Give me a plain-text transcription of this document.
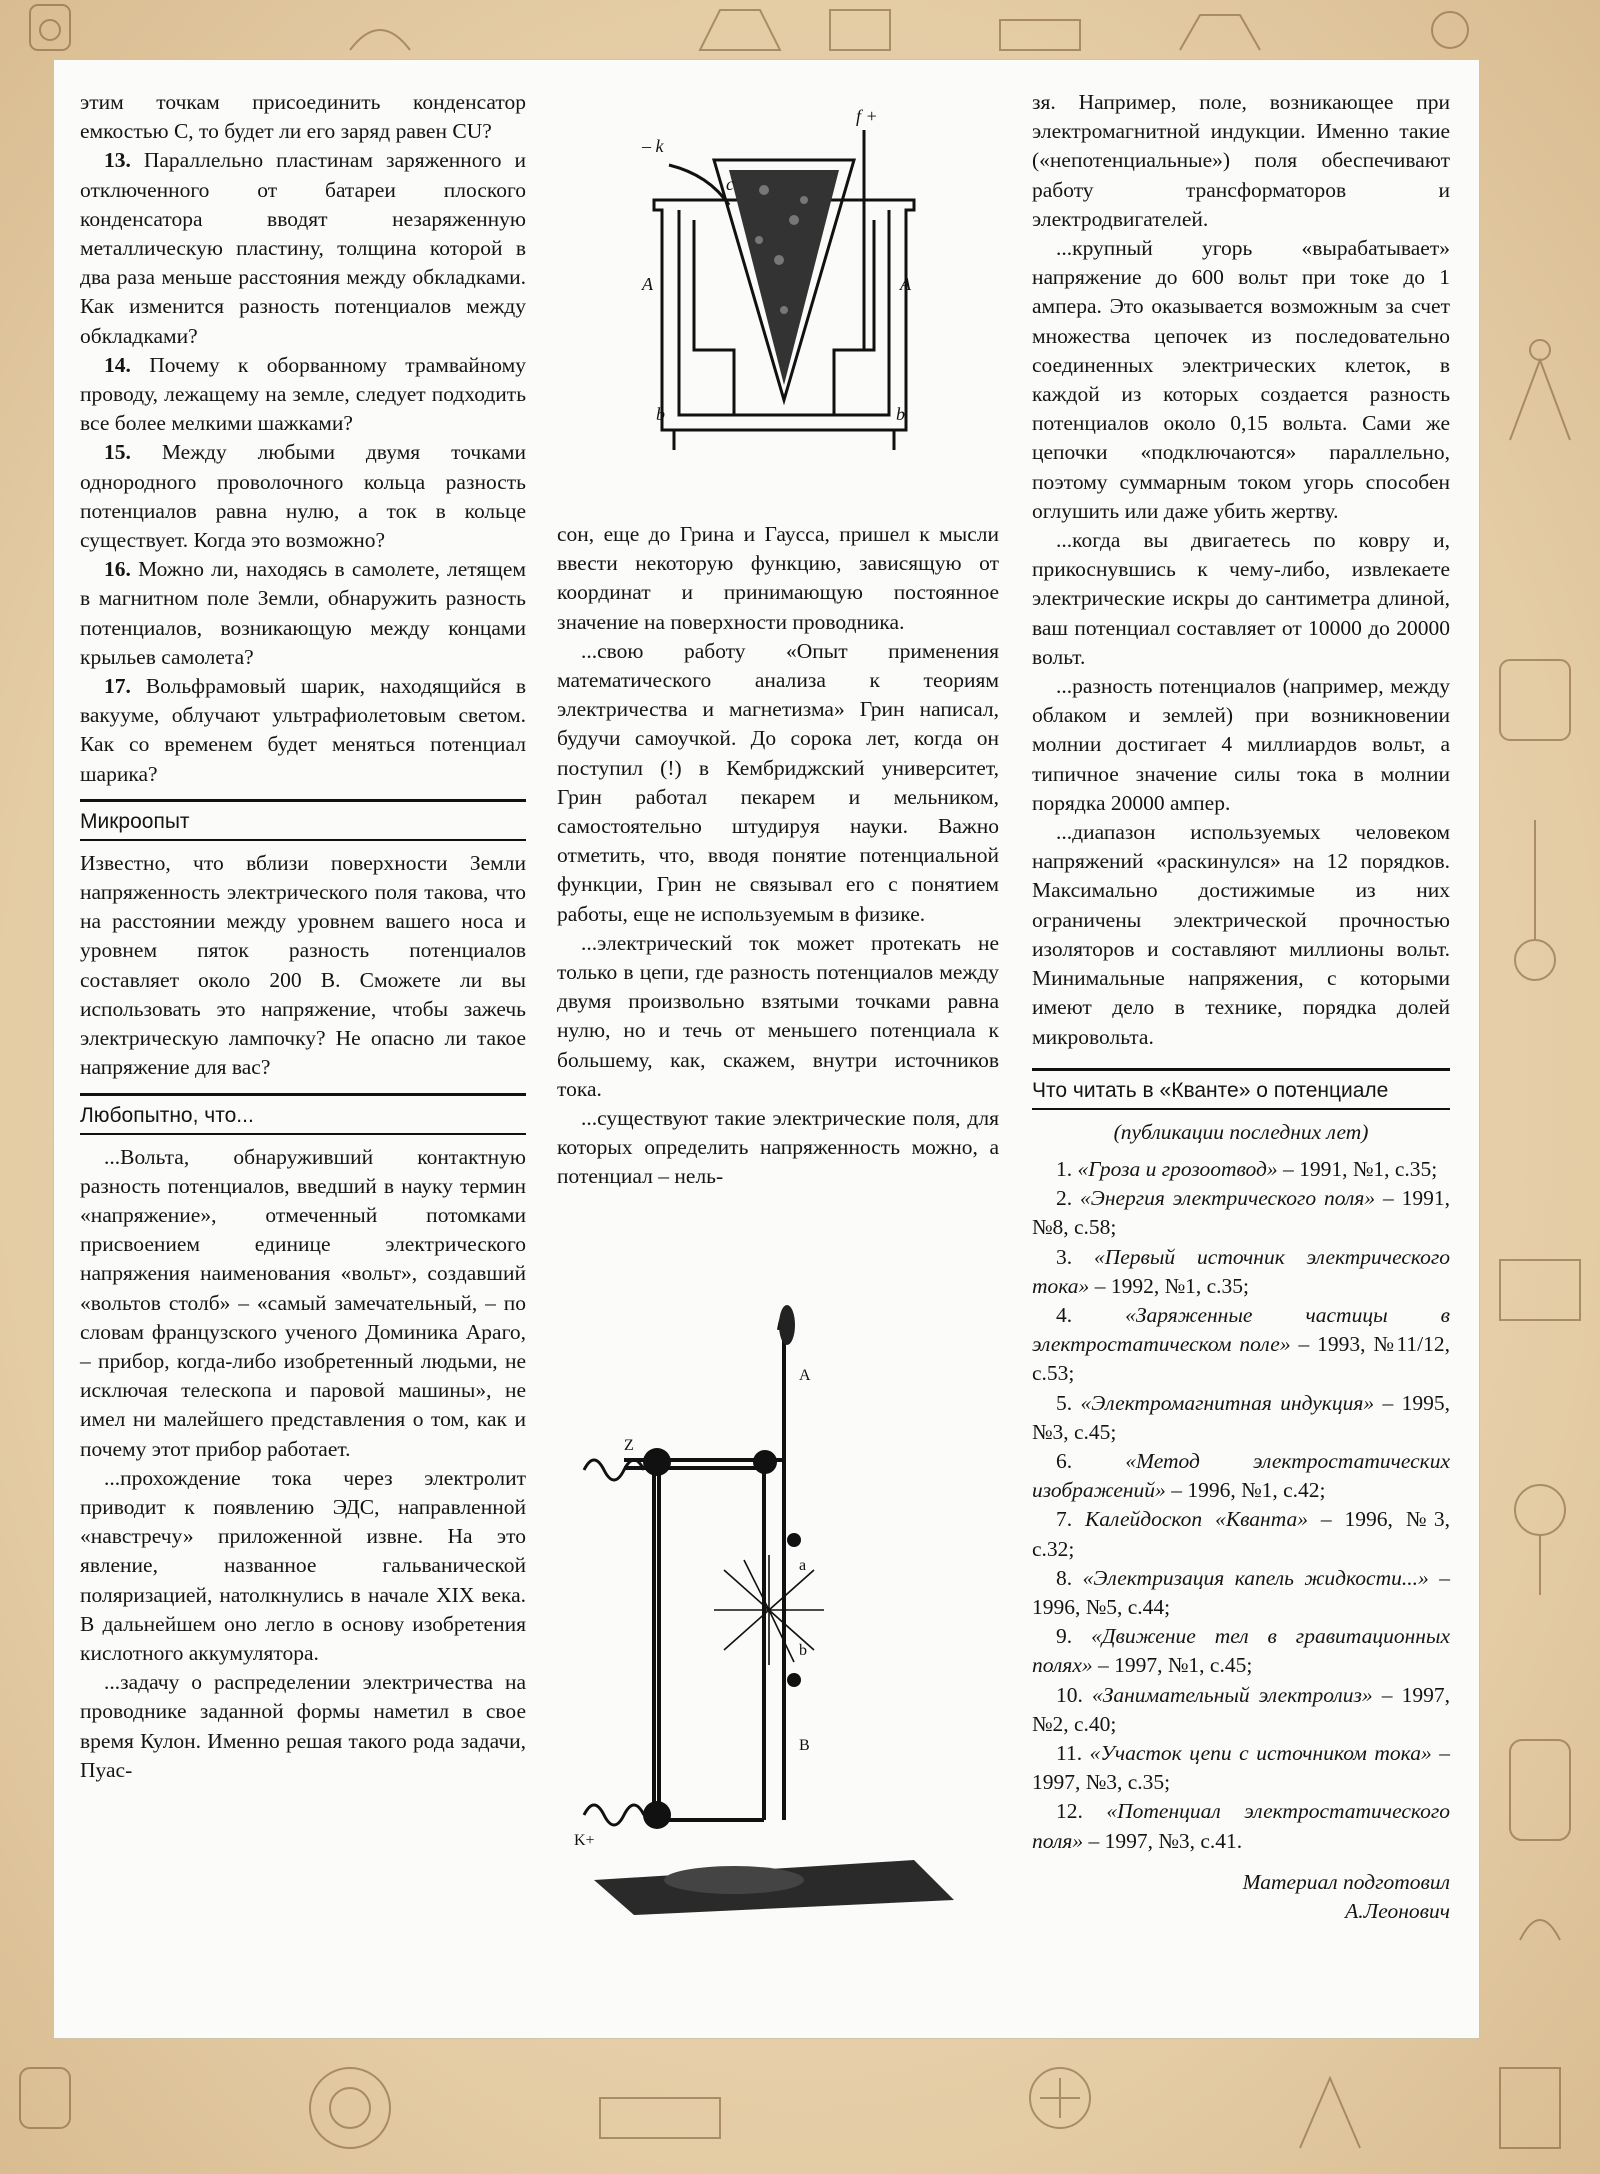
этим точкам присоединить конденсатор емкостью C, то будет ли его заряд равен CU?

13. Параллельно пластинам заряженного и отключенного от батареи плоского конденсатора вводят незаряженную металлическую пластину, толщина которой в два раза меньше расстояния между обкладками. Как изменится разность потенциалов между обкладками?

14. Почему к оборванному трамвайному проводу, лежащему на земле, следует подходить все более мелкими шажками?

15. Между любыми двумя точками однородного проволочного кольца разность потенциалов равна нулю, а ток в кольце существует. Когда это возможно?

16. Можно ли, находясь в самолете, летящем в магнитном поле Земли, обнаружить разность потенциалов, возникающую между концами крыльев самолета?

17. Вольфрамовый шарик, находящийся в вакууме, облучают ультрафиолетовым светом. Как со временем будет меняться потенциал шарика?

Микроопыт

Известно, что вблизи поверхности Земли напряженность электрического поля такова, что на расстоянии между уровнем вашего носа и уровнем пяток разность потенциалов составляет около 200 В. Сможете ли вы использовать это напряжение, чтобы зажечь электрическую лампочку? Не опасно ли такое напряжение для вас?

Любопытно, что...

...Вольта, обнаруживший контактную разность потенциалов, введший в науку термин «напряжение», отмеченный потомками присвоением единице электрического напряжения наименования «вольт», создавший «вольтов столб» – «самый замечательный, – по словам французского ученого Доминика Араго, – прибор, когда-либо изобретенный людьми, не исключая телескопа и паровой машины», не имел ни малейшего представления о том, как и почему этот прибор работает.

...прохождение тока через электролит приводит к появлению ЭДС, направленной «навстречу» приложенной извне. На это явление, названное гальванической поляризацией, натолкнулись в начале XIX века. В дальнейшем оно легло в основу изобретения кислотного аккумулятора.

...задачу о распределении электричества на проводнике заданной формы наметил в свое время Кулон. Именно решая такого рода задачи, Пуас-

– k
c
f +
A	A
b	b

сон, еще до Грина и Гаусса, пришел к мысли ввести некоторую функцию, зависящую от координат и принимающую постоянное значение на поверхности проводника.

...свою работу «Опыт применения математического анализа к теориям электричества и магнетизма» Грин написал, будучи самоучкой. До сорока лет, когда он поступил (!) в Кембриджский университет, Грин работал пекарем и мельником, самостоятельно штудируя науки. Важно отметить, что, вводя понятие потенциальной функции, Грин не связывал его с понятием работы, еще не используемым в физике.

...электрический ток может протекать не только в цепи, где разность потенциалов между двумя произвольно взятыми точками равна нулю, но и течь от меньшего потенциала к большему, как, скажем, внутри источников тока.

...существуют такие электрические поля, для которых определить напряженность можно, а потенциал – нель-

Z
K+
A
B
a
b

зя. Например, поле, возникающее при электромагнитной индукции. Именно такие («непотенциальные») поля обеспечивают работу трансформаторов и электродвигателей.

...крупный угорь «вырабатывает» напряжение до 600 вольт при токе до 1 ампера. Это оказывается возможным за счет множества цепочек из последовательно соединенных электрических клеток, в каждой из которых создается разность потенциалов около 0,15 вольта. Сами же цепочки «подключаются» параллельно, поэтому суммарным током угорь способен оглушить или даже убить жертву.

...когда вы двигаетесь по ковру и, прикоснувшись к чему-либо, извлекаете электрические искры до сантиметра длиной, ваш потенциал составляет от 10000 до 20000 вольт.

...разность потенциалов (например, между облаком и землей) при возникновении молнии достигает 4 миллиардов вольт, а типичное значение силы тока в молнии порядка 20000 ампер.

...диапазон используемых человеком напряжений «раскинулся» на 12 порядков. Максимально достижимые из них ограничены электрической прочностью изоляторов и составляют миллионы вольт. Минимальные напряжения, с которыми имеют дело в технике, порядка долей микровольта.

Что читать в «Кванте» о потенциале

(публикации последних лет)

1. «Гроза и грозоотвод» – 1991, №1, с.35;

2. «Энергия электрического поля» – 1991, №8, с.58;

3. «Первый источник электрического тока» – 1992, №1, с.35;

4. «Заряженные частицы в электростатическом поле» – 1993, №11/12, с.53;

5. «Электромагнитная индукция» – 1995, №3, с.45;

6. «Метод электростатических изображений» – 1996, №1, с.42;

7. Калейдоскоп «Кванта» – 1996, №3, с.32;

8. «Электризация капель жидкости...» – 1996, №5, с.44;

9. «Движение тел в гравитационных полях» – 1997, №1, с.45;

10. «Занимательный электролиз» – 1997, №2, с.40;

11. «Участок цепи с источником тока» – 1997, №3, с.35;

12. «Потенциал электростатического поля» – 1997, №3, с.41.

Материал подготовил
А.Леонович
